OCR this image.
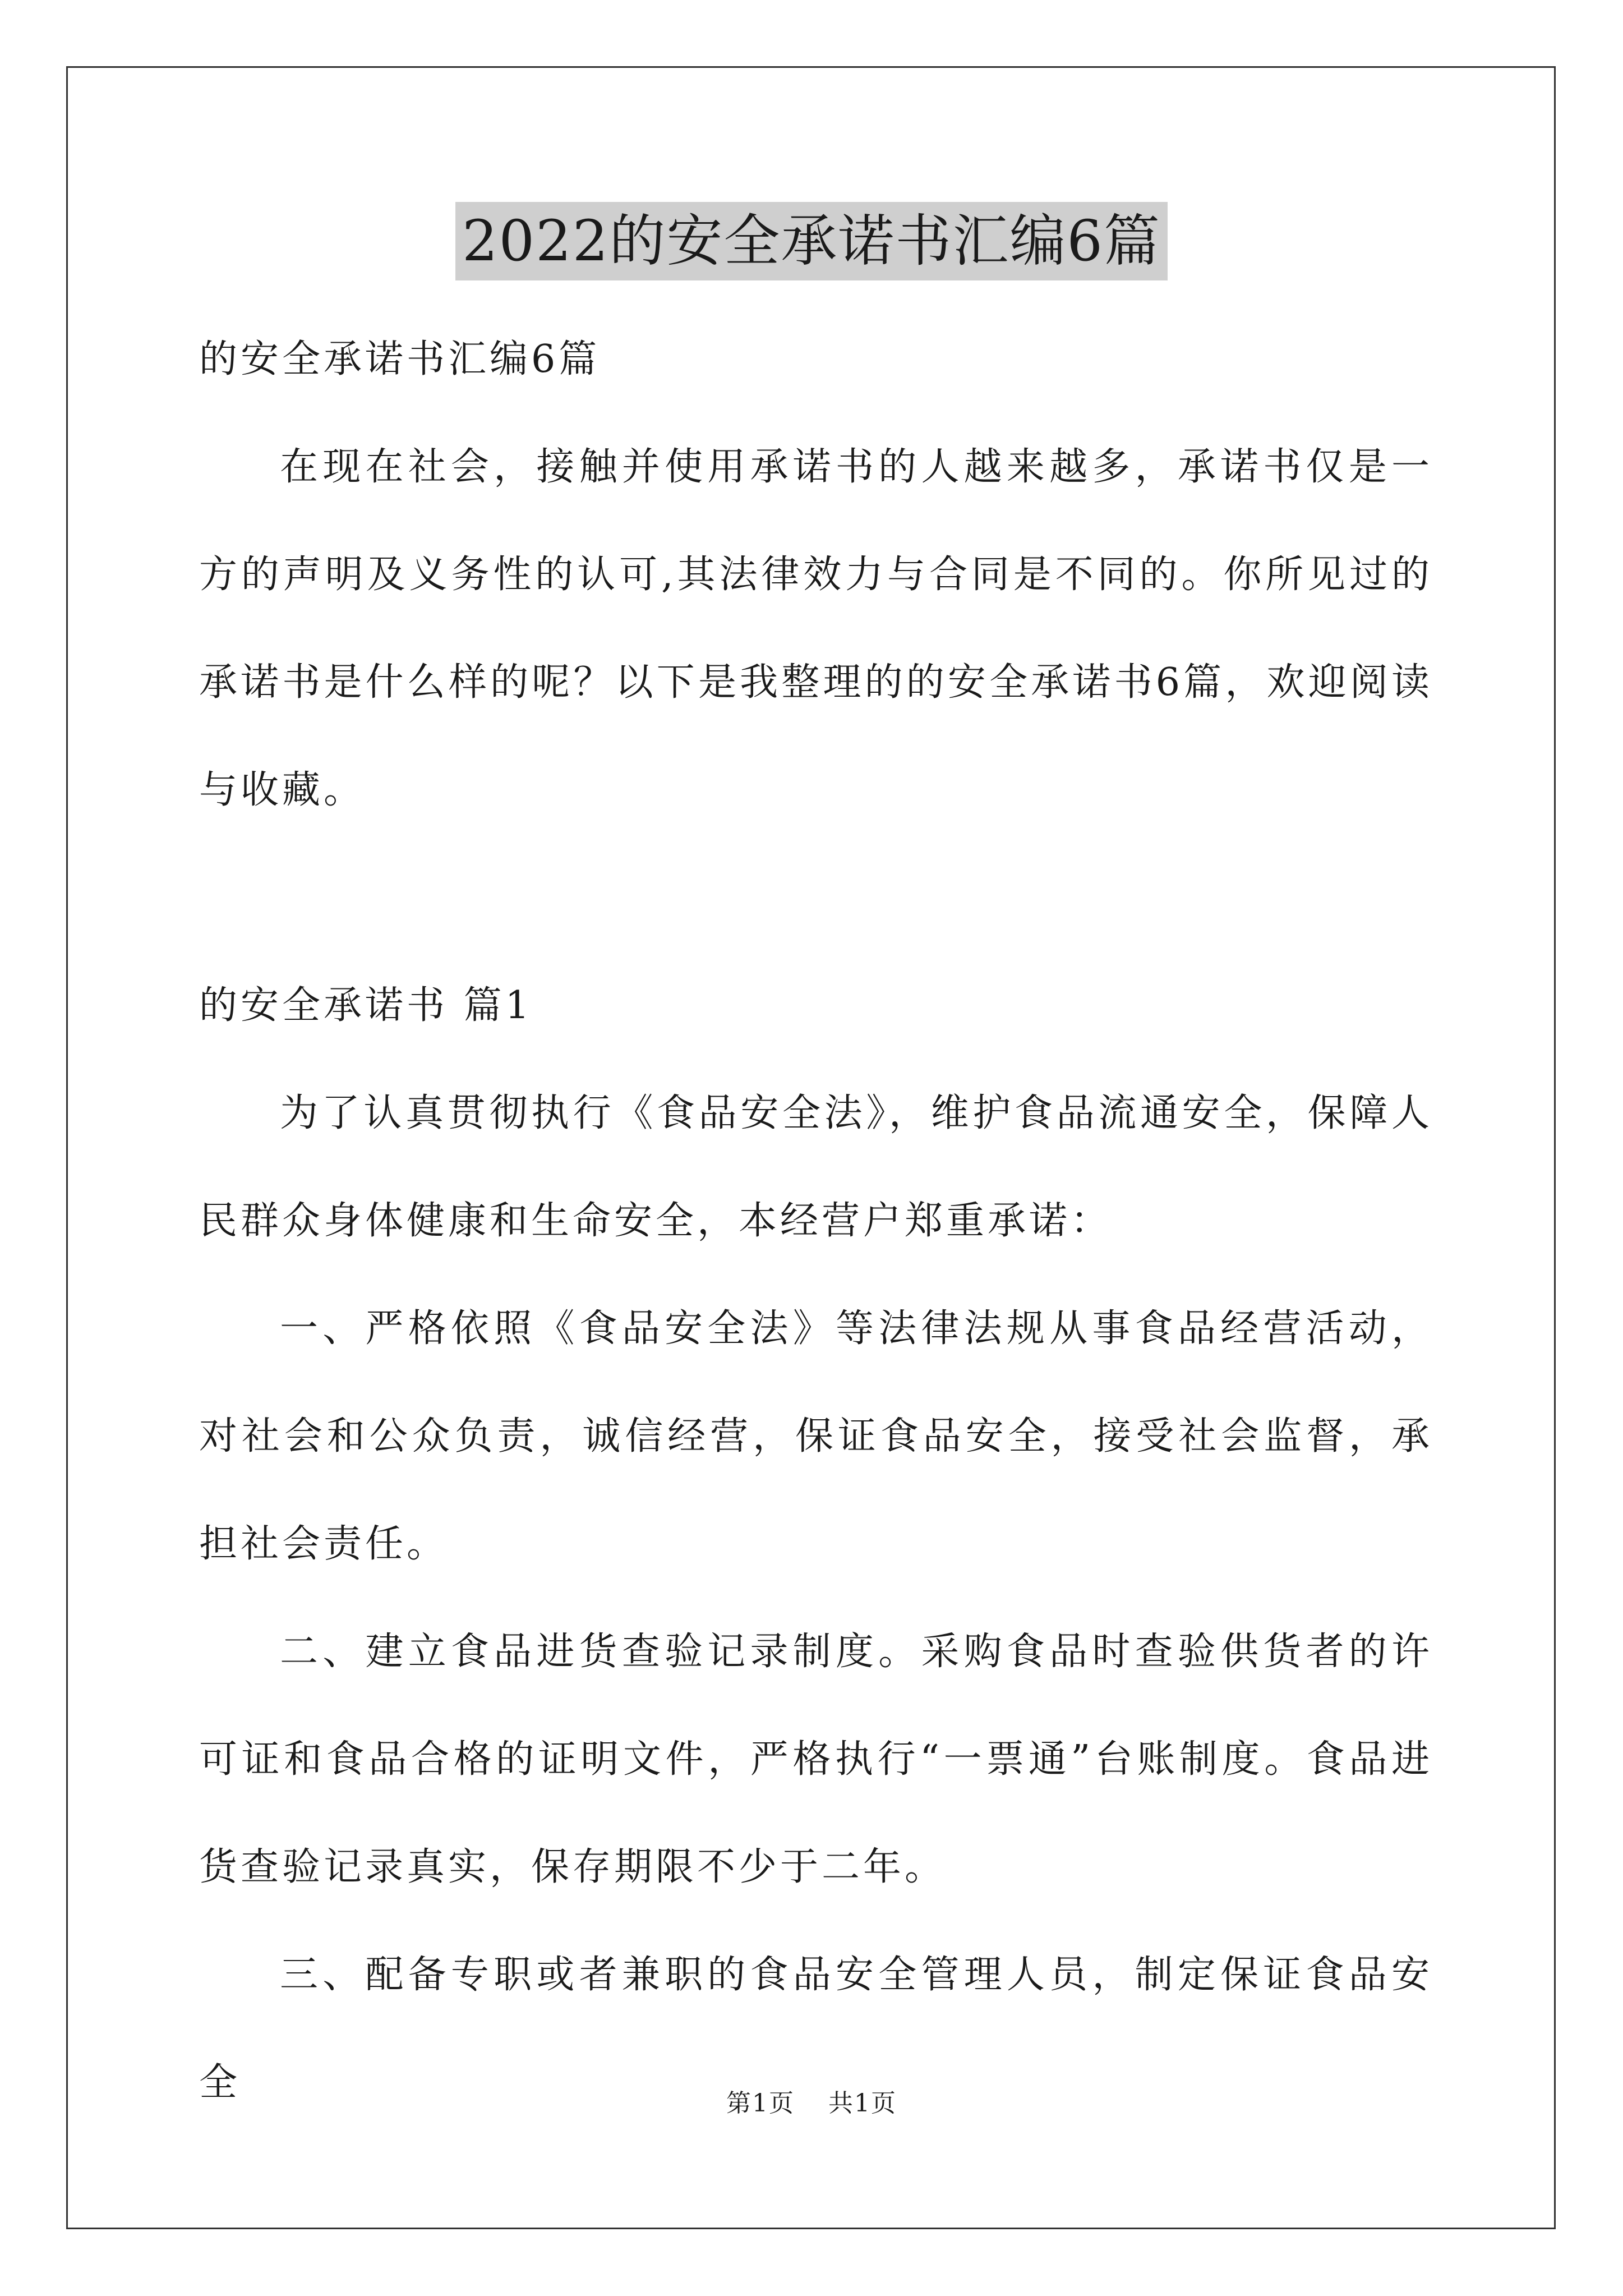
2022的安全承诺书汇编6篇

的安全承诺书汇编6篇

在现在社会，接触并使用承诺书的人越来越多，承诺书仅是一方的声明及义务性的认可,其法律效力与合同是不同的。你所见过的承诺书是什么样的呢？以下是我整理的的安全承诺书6篇，欢迎阅读与收藏。

的安全承诺书 篇1

为了认真贯彻执行《食品安全法》，维护食品流通安全，保障人民群众身体健康和生命安全，本经营户郑重承诺：

一、严格依照《食品安全法》等法律法规从事食品经营活动，对社会和公众负责，诚信经营，保证食品安全，接受社会监督，承担社会责任。

二、建立食品进货查验记录制度。采购食品时查验供货者的许可证和食品合格的证明文件，严格执行“一票通”台账制度。食品进货查验记录真实，保存期限不少于二年。

三、配备专职或者兼职的食品安全管理人员，制定保证食品安全	第1页 共1页
